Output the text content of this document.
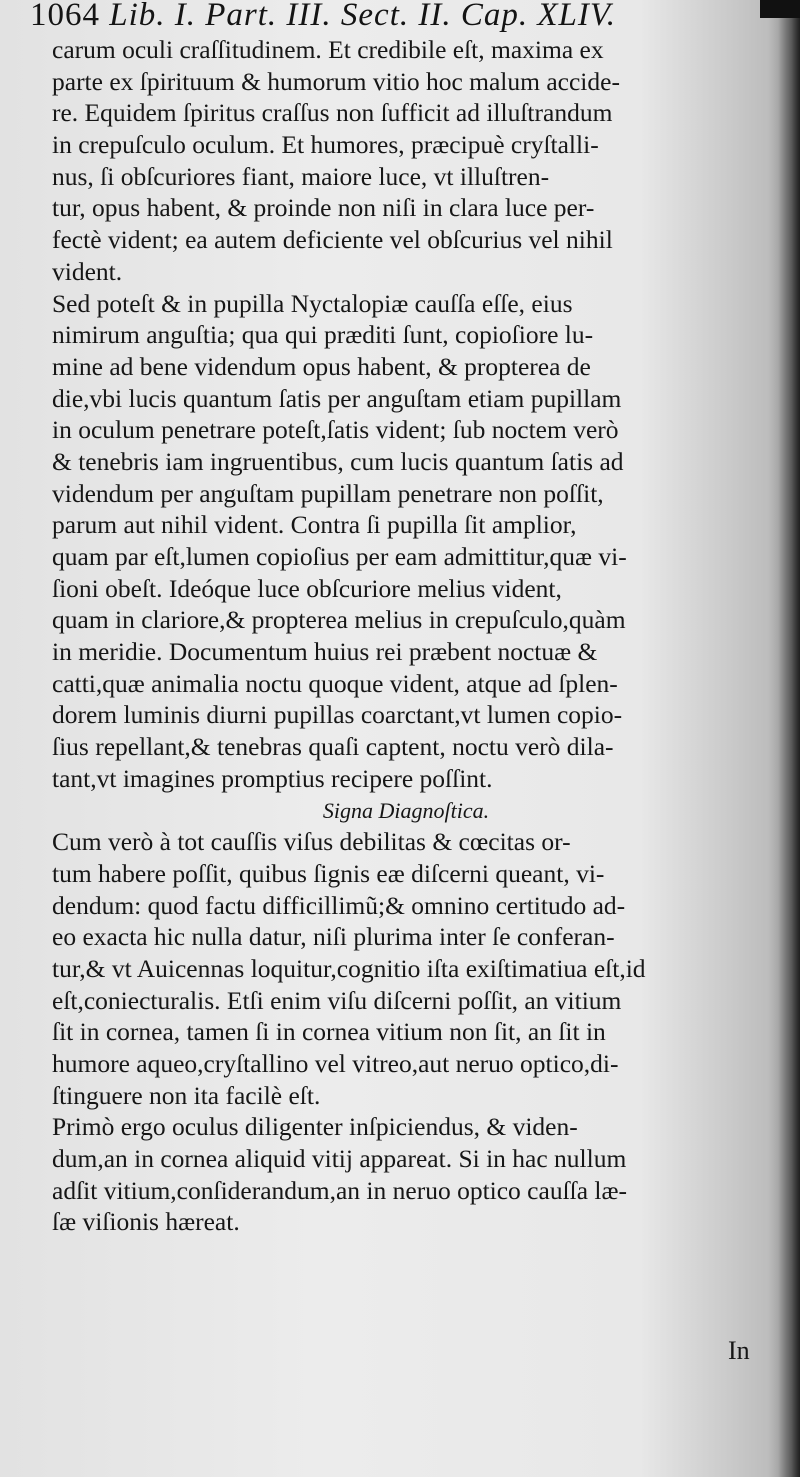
1064 Lib. I. Part. III. Sect. II. Cap. XLIV.
carum oculi craſſitudinem. Et credibile eſt, maxima ex
parte ex ſpirituum & humorum vitio hoc malum accide-
re. Equidem ſpiritus craſſus non ſufficit ad illuſtrandum
in crepuſculo oculum. Et humores, præcipuè cryſtalli-
nus, ſi obſcuriores fiant, maiore luce, vt illuſtren-
tur, opus habent, & proinde non niſi in clara luce per-
fectè vident; ea autem deficiente vel obſcurius vel nihil
vident.
Sed poteſt & in pupilla Nyctalopiæ cauſſa eſſe, eius
nimirum anguſtia; qua qui præditi ſunt, copioſiore lu-
mine ad bene videndum opus habent, & propterea de
die,vbi lucis quantum ſatis per anguſtam etiam pupillam
in oculum penetrare poteſt,ſatis vident; ſub noctem verò
& tenebris iam ingruentibus, cum lucis quantum ſatis ad
videndum per anguſtam pupillam penetrare non poſſit,
parum aut nihil vident. Contra ſi pupilla ſit amplior,
quam par eſt,lumen copioſius per eam admittitur,quæ vi-
ſioni obeſt. Ideóque luce obſcuriore melius vident,
quam in clariore,& propterea melius in crepuſculo,quàm
in meridie. Documentum huius rei præbent noctuæ &
catti,quæ animalia noctu quoque vident, atque ad ſplen-
dorem luminis diurni pupillas coarctant,vt lumen copio-
ſius repellant,& tenebras quaſi captent, noctu verò dila-
tant,vt imagines promptius recipere poſſint.
Signa Diagnoſtica.
Cum verò à tot cauſſis viſus debilitas & cœcitas or-
tum habere poſſit, quibus ſignis eæ diſcerni queant, vi-
dendum: quod factu difficillimũ;& omnino certitudo ad-
eo exacta hic nulla datur, niſi plurima inter ſe conferan-
tur,& vt Auicennas loquitur,cognitio iſta exiſtimatiua eſt,id
eſt,coniecturalis. Etſi enim viſu diſcerni poſſit, an vitium
ſit in cornea, tamen ſi in cornea vitium non ſit, an ſit in
humore aqueo,cryſtallino vel vitreo,aut neruo optico,di-
ſtinguere non ita facilè eſt.
Primò ergo oculus diligenter inſpiciendus, & viden-
dum,an in cornea aliquid vitij appareat. Si in hac nullum
adſit vitium,conſiderandum,an in neruo optico cauſſa læ-
ſæ viſionis hæreat.
In
